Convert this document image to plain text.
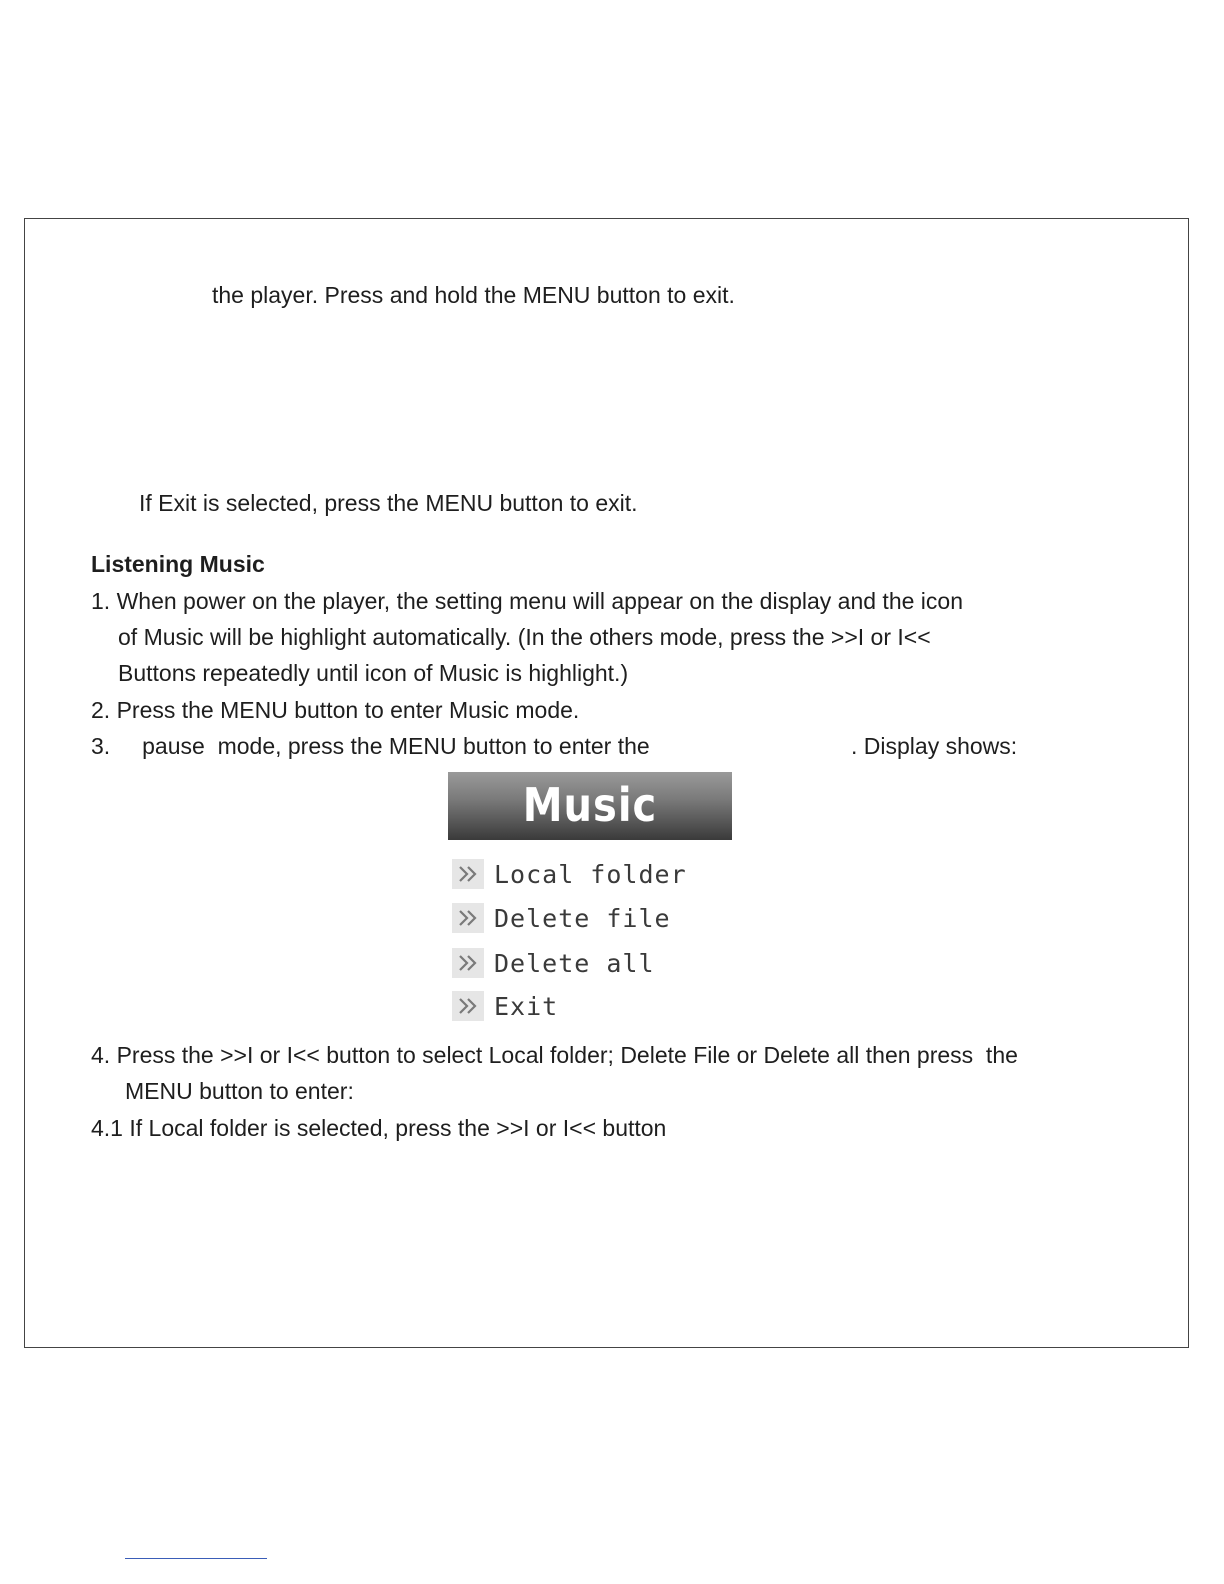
the player. Press and hold the MENU button to exit.

If Exit is selected, press the MENU button to exit.

Listening Music

1. When power on the player, the setting menu will appear on the display and the icon

of Music will be highlight automatically. (In the others mode, press the >>I or I<<

Buttons repeatedly until icon of Music is highlight.)

2. Press the MENU button to enter Music mode.

3.     pause  mode, press the MENU button to enter the	. Display shows:

Music
Local folder
Delete file
Delete all
Exit

4. Press the >>I or I<< button to select Local folder; Delete File or Delete all then press  the

MENU button to enter:

4.1 If Local folder is selected, press the >>I or I<< button
